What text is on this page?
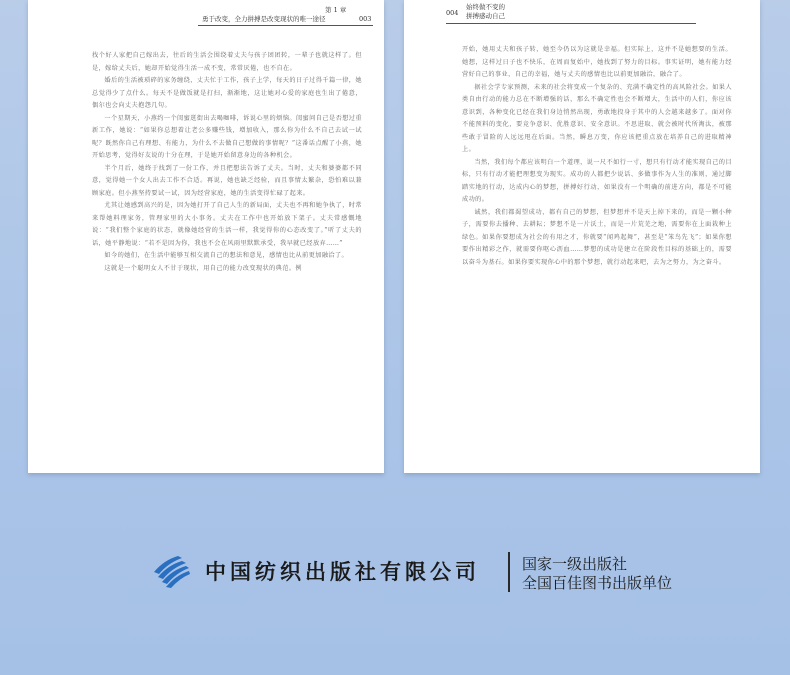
第 1 章
勇于改变，全力拼搏是改变现状的唯一途径	003

找个好人家把自己嫁出去，往后的生活会围绕着丈夫与孩子团团转，一辈子也就这样了。但是，嫁给丈夫后，她却开始觉得生活一成不变，常常厌倦，也不自在。

婚后的生活被琐碎的家务缠绕，丈夫忙于工作，孩子上学，每天的日子过得千篇一律，她总觉得少了点什么。每天不是做饭就是打扫，渐渐地，这让她对心爱的家庭也生出了倦意，偶尔也会向丈夫抱怨几句。

一个星期天，小燕约一个闺蜜逛街出去喝咖啡，诉说心里的烦恼。闺蜜问自己是否想过重新工作，她说：“如果你总想着让老公多赚些钱，增加收入，那么你为什么不自己去试一试呢？既然你自己有理想、有能力，为什么不去做自己想做的事情呢？”这番话点醒了小燕，她开始思考，觉得好友说的十分在理，于是她开始留意身边的各种机会。

半个月后，她终于找到了一份工作，并且把想法告诉了丈夫。当时，丈夫和婆婆都不同意，觉得她一个女人出去工作不合适。再说，她也缺乏经验，而且事情太繁杂，恐怕难以兼顾家庭。但小燕坚持要试一试，因为经营家庭，她的生活变得忙碌了起来。

尤其让她感到高兴的是，因为她打开了自己人生的新局面，丈夫也不再和她争执了，时常来帮她料理家务，管理家里的大小事务。丈夫在工作中也开始放下架子。丈夫常感慨地说：“我们整个家庭的状态，就像她经营的生活一样，我觉得你的心态改变了。”听了丈夫的话，她平静地说：“若不是因为你，我也不会在风雨里默默承受，我早就已经放弃……”

如今的她们，在生活中能够互相交流自己的想法和意见，感情也比从前更加融洽了。

这就是一个聪明女人不甘于现状，用自己的能力改变现状的典范。例

004
始终做不变的
拼搏感动自己

开始，她用丈夫和孩子转，她至今仍以为这就是幸福。但实际上，这并不是她想要的生活。她想，这样过日子也不快乐，在周而复始中，她找到了努力的目标。事实证明，她有能力经营好自己的事业，自己的幸福，她与丈夫的感情也比以前更加融洽，融合了。

据社会学专家预测，未来的社会将变成一个复杂的、充满不确定性的高风险社会。如果人类自由行动的能力总在不断增强的话，那么不确定性也会不断增大，生活中的人们，你应该意识到，各种变化已经在我们身边悄然出现，勇敢地投身于其中的人会越来越多了。面对你不能预料的变化，要竞争意识、优胜意识、安全意识。不思进取、就会被时代所淘汰，被那些敢于冒险的人远远甩在后面。当然，瞬息万变，你应该把重点放在培养自己的进取精神上。

当然，我们每个都应该明白一个道理，说一尺不如行一寸，想只有行动才能实现自己的目标，只有行动才能把理想变为现实。成功的人都把少说话、多做事作为人生的准则，通过脚踏实地的行动，达成内心的梦想，拼搏好行动，如果没有一个明确的前进方向，都是不可能成功的。

诚然，我们都渴望成功，都有自己的梦想，但梦想并不是天上掉下来的，而是一颗小种子，需要你去播种、去耕耘；梦想不是一片沃土，而是一片荒芜之地，需要你在上面栽种上绿色。如果你要想成为社会的有用之才，你就要“闻鸡起舞”，甚至是“笨鸟先飞”；如果你想要作出精彩之作，就需要你呕心沥血……梦想的成功是建立在阶段性目标的基础上的，需要以奋斗为基石。如果你要实现你心中的那个梦想，就行动起来吧，去为之努力，为之奋斗。

中国纺织出版社有限公司	国家一级出版社
全国百佳图书出版单位
